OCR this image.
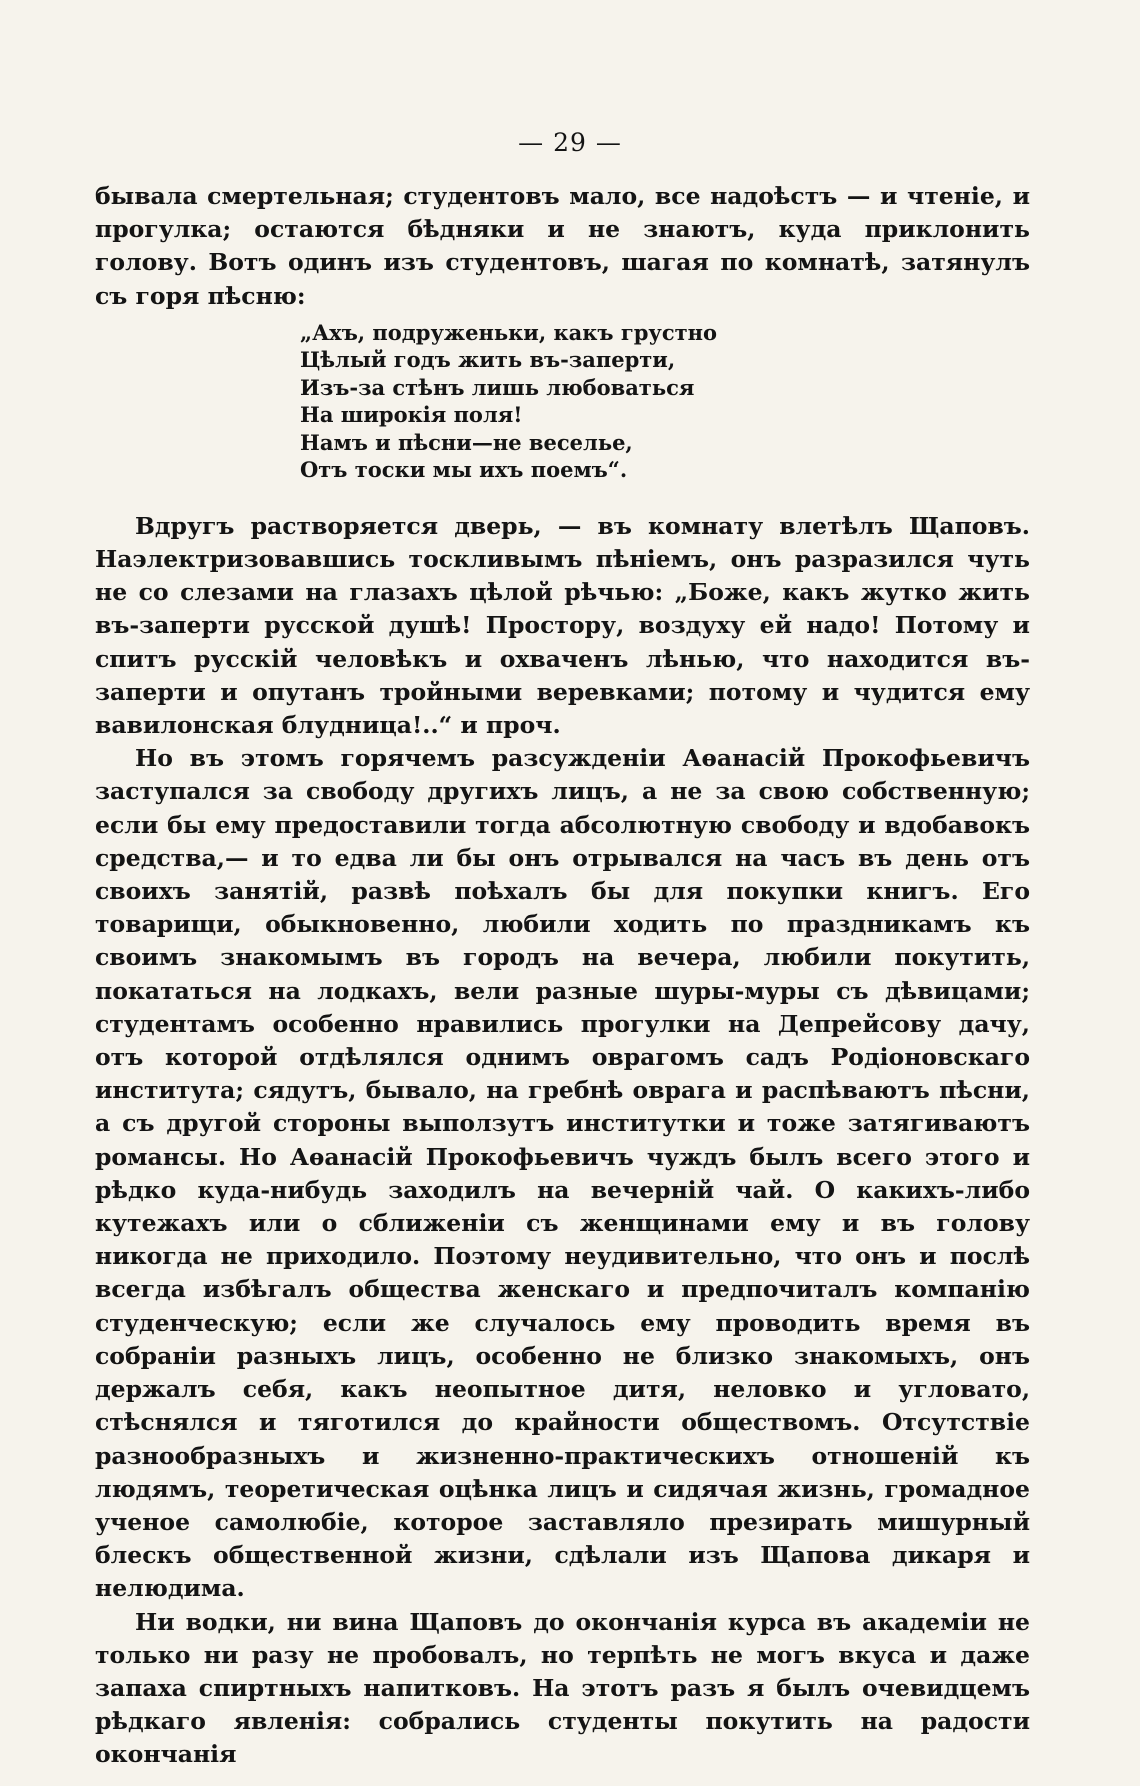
— 29 —

бывала смертельная; студентовъ мало, все надоѣстъ — и чтеніе, и прогулка; остаются бѣдняки и не знаютъ, куда приклонить голову. Вотъ одинъ изъ студентовъ, шагая по комнатѣ, затянулъ съ горя пѣсню:

„Ахъ, подруженьки, какъ грустно
Цѣлый годъ жить въ-заперти,
Изъ-за стѣнъ лишь любоваться
На широкія поля!
Намъ и пѣсни—не веселье,
Отъ тоски мы ихъ поемъ“.

Вдругъ растворяется дверь, — въ комнату влетѣлъ Щаповъ. Наэлектризовавшись тоскливымъ пѣніемъ, онъ разразился чуть не со слезами на глазахъ цѣлой рѣчью: „Боже, какъ жутко жить въ-заперти русской душѣ! Простору, воздуху ей надо! Потому и спитъ русскій человѣкъ и охваченъ лѣнью, что находится въ-заперти и опутанъ тройными веревками; потому и чудится ему вавилонская блудница!..“ и проч.

Но въ этомъ горячемъ разсужденіи Аѳанасій Прокофьевичъ заступался за свободу другихъ лицъ, а не за свою собственную; если бы ему предоставили тогда абсолютную свободу и вдобавокъ средства,— и то едва ли бы онъ отрывался на часъ въ день отъ своихъ занятій, развѣ поѣхалъ бы для покупки книгъ. Его товарищи, обыкновенно, любили ходить по праздникамъ къ своимъ знакомымъ въ городъ на вечера, любили покутить, покататься на лодкахъ, вели разные шуры-муры съ дѣвицами; студентамъ особенно нравились прогулки на Депрейсову дачу, отъ которой отдѣлялся однимъ оврагомъ садъ Родіоновскаго института; сядутъ, бывало, на гребнѣ оврага и распѣваютъ пѣсни, а съ другой стороны выползутъ институтки и тоже затягиваютъ романсы. Но Аѳанасій Прокофьевичъ чуждъ былъ всего этого и рѣдко куда-нибудь заходилъ на вечерній чай. О какихъ-либо кутежахъ или о сближеніи съ женщинами ему и въ голову никогда не приходило. Поэтому неудивительно, что онъ и послѣ всегда избѣгалъ общества женскаго и предпочиталъ компанію студенческую; если же случалось ему проводить время въ собраніи разныхъ лицъ, особенно не близко знакомыхъ, онъ держалъ себя, какъ неопытное дитя, неловко и угловато, стѣснялся и тяготился до крайности обществомъ. Отсутствіе разнообразныхъ и жизненно-практическихъ отношеній къ людямъ, теоретическая оцѣнка лицъ и сидячая жизнь, громадное ученое самолюбіе, которое заставляло презирать мишурный блескъ общественной жизни, сдѣлали изъ Щапова дикаря и нелюдима.

Ни водки, ни вина Щаповъ до окончанія курса въ академіи не только ни разу не пробовалъ, но терпѣть не могъ вкуса и даже запаха спиртныхъ напитковъ. На этотъ разъ я былъ очевидцемъ рѣдкаго явленія: собрались студенты покутить на радости окончанія
